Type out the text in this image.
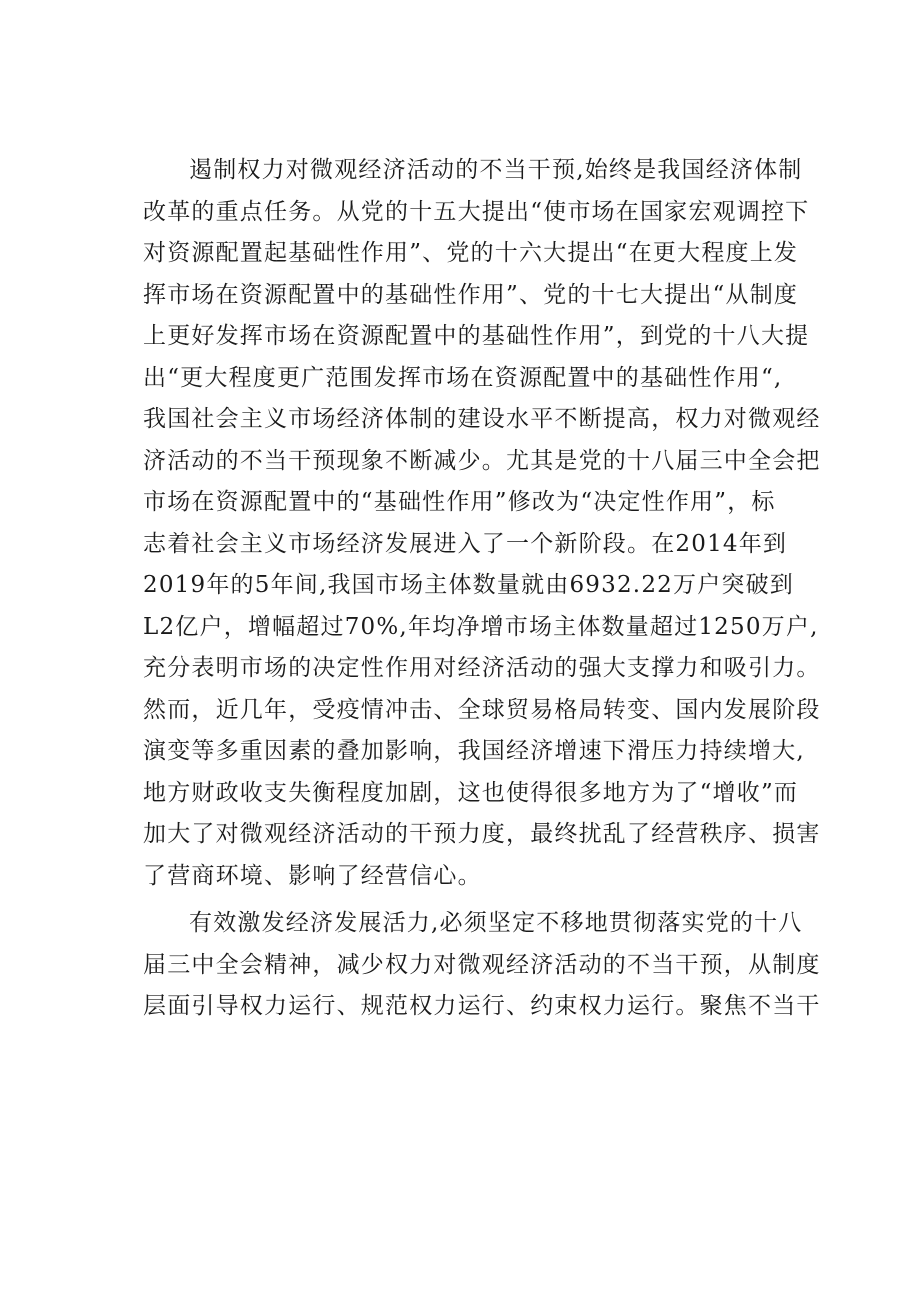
遏制权力对微观经济活动的不当干预,始终是我国经济体制
改革的重点任务。从党的十五大提出“使市场在国家宏观调控下
对资源配置起基础性作用”、党的十六大提出“在更大程度上发
挥市场在资源配置中的基础性作用”、党的十七大提出“从制度
上更好发挥市场在资源配置中的基础性作用”，到党的十八大提
出“更大程度更广范围发挥市场在资源配置中的基础性作用“,
我国社会主义市场经济体制的建设水平不断提高，权力对微观经
济活动的不当干预现象不断减少。尤其是党的十八届三中全会把
市场在资源配置中的“基础性作用”修改为“决定性作用”，标
志着社会主义市场经济发展进入了一个新阶段。在2014年到
2019年的5年间,我国市场主体数量就由6932.22万户突破到
L2亿户，增幅超过70%,年均净增市场主体数量超过1250万户,
充分表明市场的决定性作用对经济活动的强大支撑力和吸引力。
然而，近几年，受疫情冲击、全球贸易格局转变、国内发展阶段
演变等多重因素的叠加影响，我国经济增速下滑压力持续增大,
地方财政收支失衡程度加剧，这也使得很多地方为了“增收”而
加大了对微观经济活动的干预力度，最终扰乱了经营秩序、损害
了营商环境、影响了经营信心。
有效激发经济发展活力,必须坚定不移地贯彻落实党的十八
届三中全会精神，减少权力对微观经济活动的不当干预，从制度
层面引导权力运行、规范权力运行、约束权力运行。聚焦不当干
